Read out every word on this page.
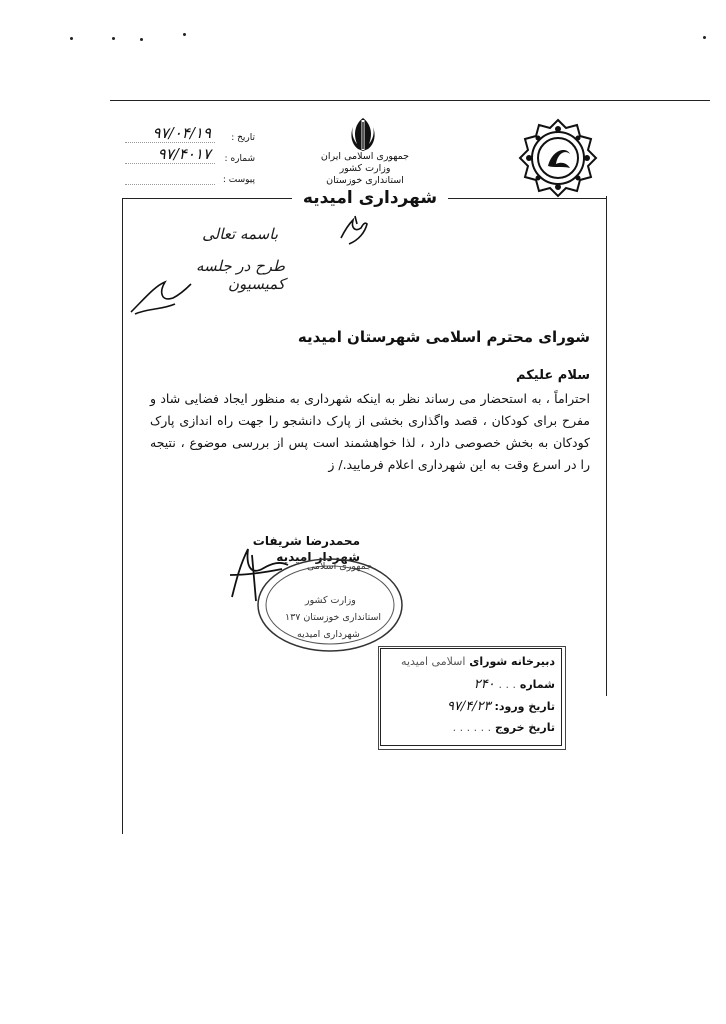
تاریخ :
۹۷/۰۴/۱۹
شماره :
۹۷/۴۰۱۷
پیوست :
جمهوری اسلامی ایران
وزارت کشور
استانداری خوزستان
شهرداری امیدیه
باسمه تعالی
طرح در جلسه کمیسیون
شورای محترم اسلامی شهرستان امیدیه
سلام علیکم
احتراماً ، به استحضار می رساند نظر به اینکه شهرداری به منظور ایجاد فضایی شاد و مفرح برای کودکان ، قصد واگذاری بخشی از پارک دانشجو را جهت راه اندازی پارک کودکان به بخش خصوصی دارد ، لذا خواهشمند است پس از بررسی موضوع ، نتیجه را در اسرع وقت به این شهرداری اعلام فرمایید./ ز
محمدرضا شریفات
شهردار امیدیه
جمهوری اسلامی
وزارت کشور
استانداری خوزستان ۱۳۷
شهرداری امیدیه
دبیرخانه شورای اسلامی امیدیه
شماره . . . ۲۴۰
تاریخ ورود: ۹۷/۴/۲۳
تاریخ خروج . . . . . .
